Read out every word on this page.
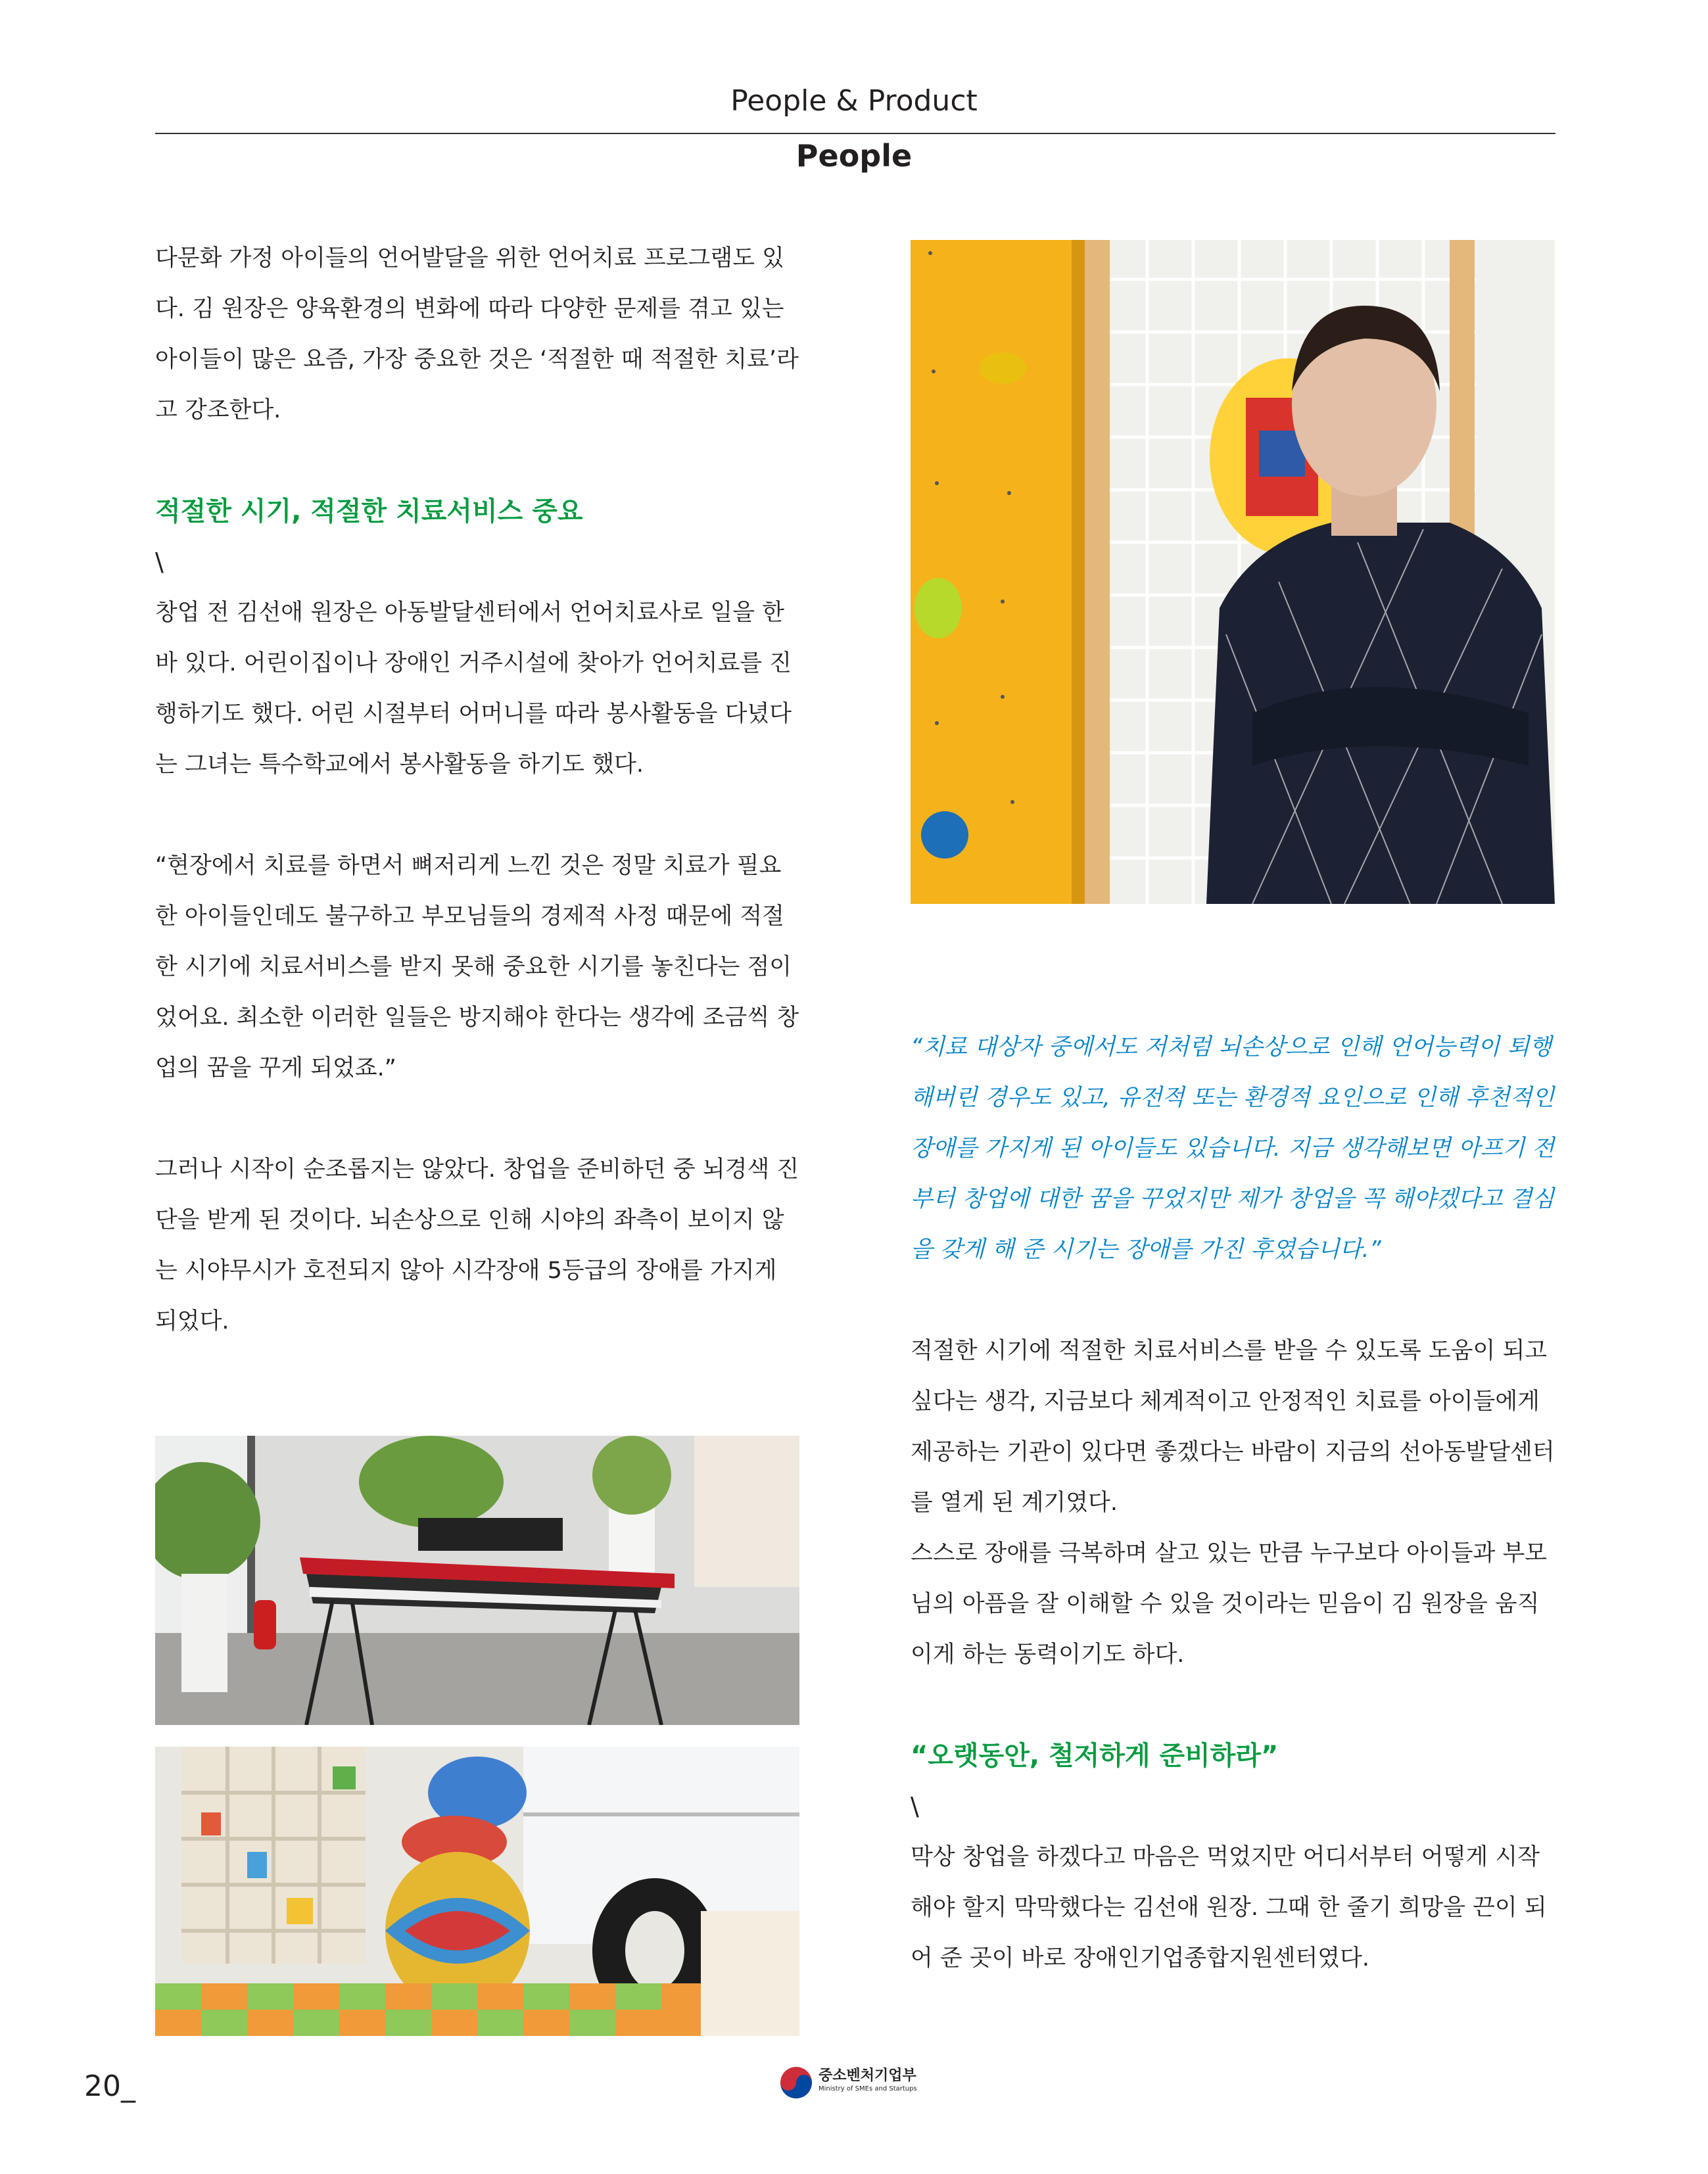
People & Product
People

다문화 가정 아이들의 언어발달을 위한 언어치료 프로그램도 있다. 김 원장은 양육환경의 변화에 따라 다양한 문제를 겪고 있는 아이들이 많은 요즘, 가장 중요한 것은 ‘적절한 때 적절한 치료’라고 강조한다.

적절한 시기, 적절한 치료서비스 중요

\

창업 전 김선애 원장은 아동발달센터에서 언어치료사로 일을 한 바 있다. 어린이집이나 장애인 거주시설에 찾아가 언어치료를 진행하기도 했다. 어린 시절부터 어머니를 따라 봉사활동을 다녔다는 그녀는 특수학교에서 봉사활동을 하기도 했다.

“현장에서 치료를 하면서 뼈저리게 느낀 것은 정말 치료가 필요한 아이들인데도 불구하고 부모님들의 경제적 사정 때문에 적절한 시기에 치료서비스를 받지 못해 중요한 시기를 놓친다는 점이었어요. 최소한 이러한 일들은 방지해야 한다는 생각에 조금씩 창업의 꿈을 꾸게 되었죠.”

그러나 시작이 순조롭지는 않았다. 창업을 준비하던 중 뇌경색 진단을 받게 된 것이다. 뇌손상으로 인해 시야의 좌측이 보이지 않는 시야무시가 호전되지 않아 시각장애 5등급의 장애를 가지게 되었다.

“치료 대상자 중에서도 저처럼 뇌손상으로 인해 언어능력이 퇴행해버린 경우도 있고, 유전적 또는 환경적 요인으로 인해 후천적인 장애를 가지게 된 아이들도 있습니다. 지금 생각해보면 아프기 전부터 창업에 대한 꿈을 꾸었지만 제가 창업을 꼭 해야겠다고 결심을 갖게 해 준 시기는 장애를 가진 후였습니다.”

적절한 시기에 적절한 치료서비스를 받을 수 있도록 도움이 되고 싶다는 생각, 지금보다 체계적이고 안정적인 치료를 아이들에게 제공하는 기관이 있다면 좋겠다는 바람이 지금의 선아동발달센터를 열게 된 계기였다.

스스로 장애를 극복하며 살고 있는 만큼 누구보다 아이들과 부모님의 아픔을 잘 이해할 수 있을 것이라는 믿음이 김 원장을 움직이게 하는 동력이기도 하다.

“오랫동안, 철저하게 준비하라”

\

막상 창업을 하겠다고 마음은 먹었지만 어디서부터 어떻게 시작해야 할지 막막했다는 김선애 원장. 그때 한 줄기 희망을 끈이 되어 준 곳이 바로 장애인기업종합지원센터였다.

20_	중소벤처기업부
Ministry of SMEs and Startups
